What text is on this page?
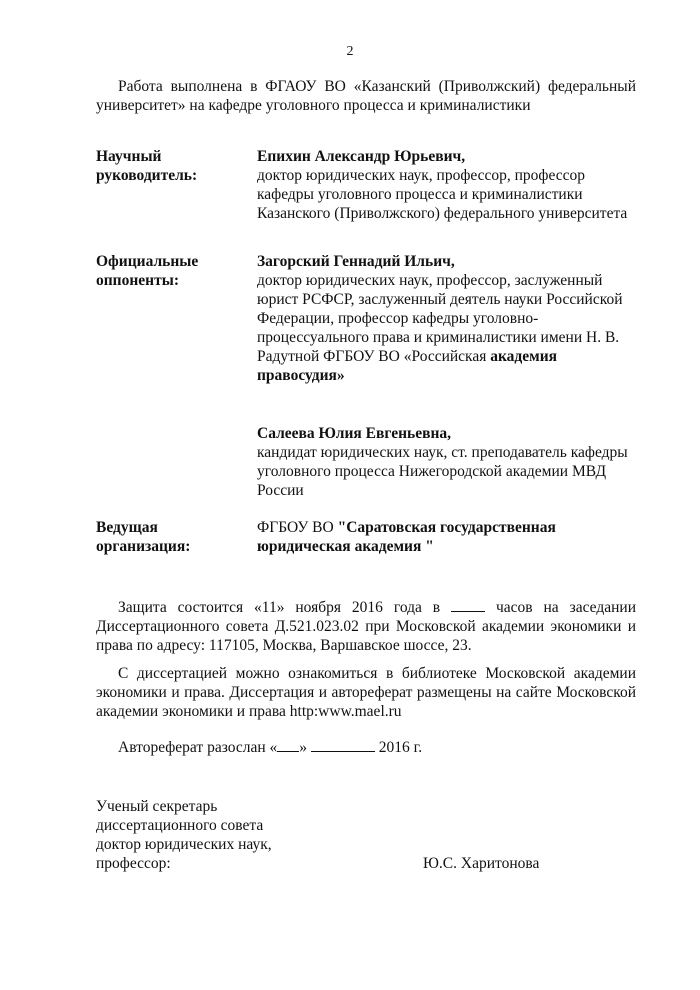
2
Работа выполнена в ФГАОУ ВО «Казанский (Приволжский) федеральный университет» на кафедре уголовного процесса и криминалистики
Научный
руководитель:
Епихин Александр Юрьевич,
доктор юридических наук, профессор, профессор кафедры уголовного процесса и криминалистики Казанского (Приволжского) федерального университета
Официальные
оппоненты:
Загорский Геннадий Ильич,
доктор юридических наук, профессор, заслуженный юрист РСФСР, заслуженный деятель науки Российской Федерации, профессор кафедры уголовно-процессуального права и криминалистики имени Н. В. Радутной ФГБОУ ВО «Российская академия правосудия»
Салеева Юлия Евгеньевна,
кандидат юридических наук, ст. преподаватель кафедры уголовного процесса Нижегородской академии МВД России
Ведущая
организация:
ФГБОУ ВО "Саратовская государственная юридическая академия "
Защита состоится «11» ноября 2016 года в  часов на заседании Диссертационного совета Д.521.023.02 при Московской академии экономики и права по адресу: 117105, Москва, Варшавское шоссе, 23.
С диссертацией можно ознакомиться в библиотеке Московской академии экономики и права. Диссертация и автореферат размещены на сайте Московской академии экономики и права http:www.mael.ru
Автореферат разослан « »	2016 г.
Ученый секретарь
диссертационного совета
доктор юридических наук,
профессор:	Ю.С. Харитонова
